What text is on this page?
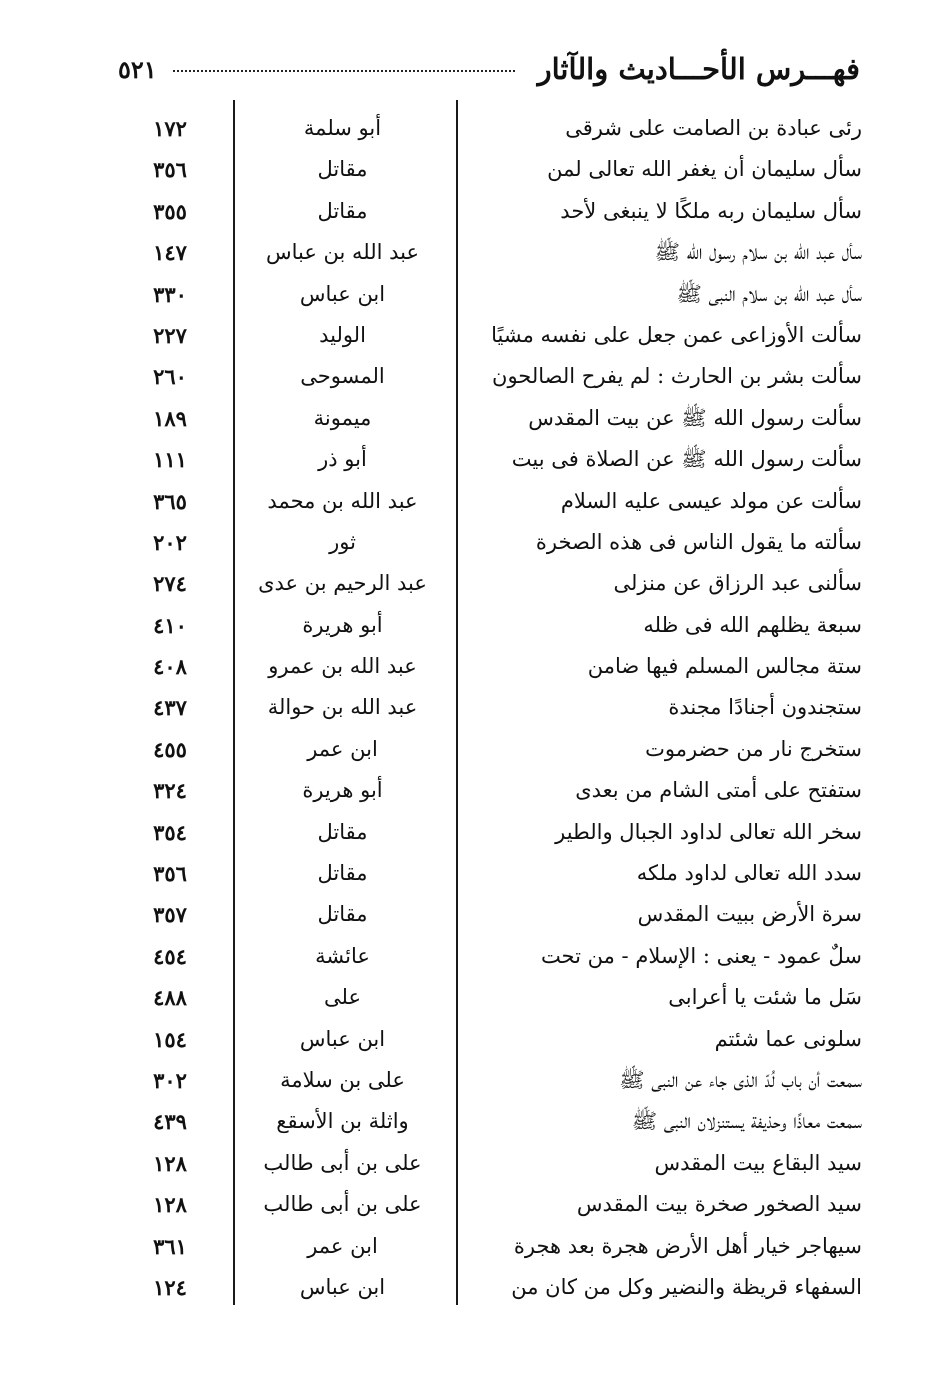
فهـــرس الأحـــاديث والآثار
٥٢١
رئى عبادة بن الصامت على شرقى
أبو سلمة
١٧٢
سأل سليمان أن يغفر الله تعالى لمن
مقاتل
٣٥٦
سأل سليمان ربه ملكًا لا ينبغى لأحد
مقاتل
٣٥٥
سأل عبد الله بن سلام رسول الله ﷺ
عبد الله بن عباس
١٤٧
سأل عبد الله بن سلام النبى ﷺ
ابن عباس
٣٣٠
سألت الأوزاعى عمن جعل على نفسه مشيًا
الوليد
٢٢٧
سألت بشر بن الحارث : لم يفرح الصالحون
المسوحى
٢٦٠
سألت رسول الله ﷺ عن بيت المقدس
ميمونة
١٨٩
سألت رسول الله ﷺ عن الصلاة فى بيت
أبو ذر
١١١
سألت عن مولد عيسى عليه السلام
عبد الله بن محمد
٣٦٥
سألته ما يقول الناس فى هذه الصخرة
ثور
٢٠٢
سألنى عبد الرزاق عن منزلى
عبد الرحيم بن عدى
٢٧٤
سبعة يظلهم الله فى ظله
أبو هريرة
٤١٠
ستة مجالس المسلم فيها ضامن
عبد الله بن عمرو
٤٠٨
ستجندون أجنادًا مجندة
عبد الله بن حوالة
٤٣٧
ستخرج نار من حضرموت
ابن عمر
٤٥٥
ستفتح على أمتى الشام من بعدى
أبو هريرة
٣٢٤
سخر الله تعالى لداود الجبال والطير
مقاتل
٣٥٤
سدد الله تعالى لداود ملكه
مقاتل
٣٥٦
سرة الأرض ببيت المقدس
مقاتل
٣٥٧
سلٌ عمود - يعنى : الإسلام - من تحت
عائشة
٤٥٤
سَل ما شئت يا أعرابى
على
٤٨٨
سلونى عما شئتم
ابن عباس
١٥٤
سمعت أن باب لُدّ الذى جاء عن النبى ﷺ
على بن سلامة
٣٠٢
سمعت معاذًا وحذيفة يستنزلان النبى ﷺ
واثلة بن الأسقع
٤٣٩
سيد البقاع بيت المقدس
على بن أبى طالب
١٢٨
سيد الصخور صخرة بيت المقدس
على بن أبى طالب
١٢٨
سيهاجر خيار أهل الأرض هجرة بعد هجرة
ابن عمر
٣٦١
السفهاء قريظة والنضير وكل من كان من
ابن عباس
١٢٤
